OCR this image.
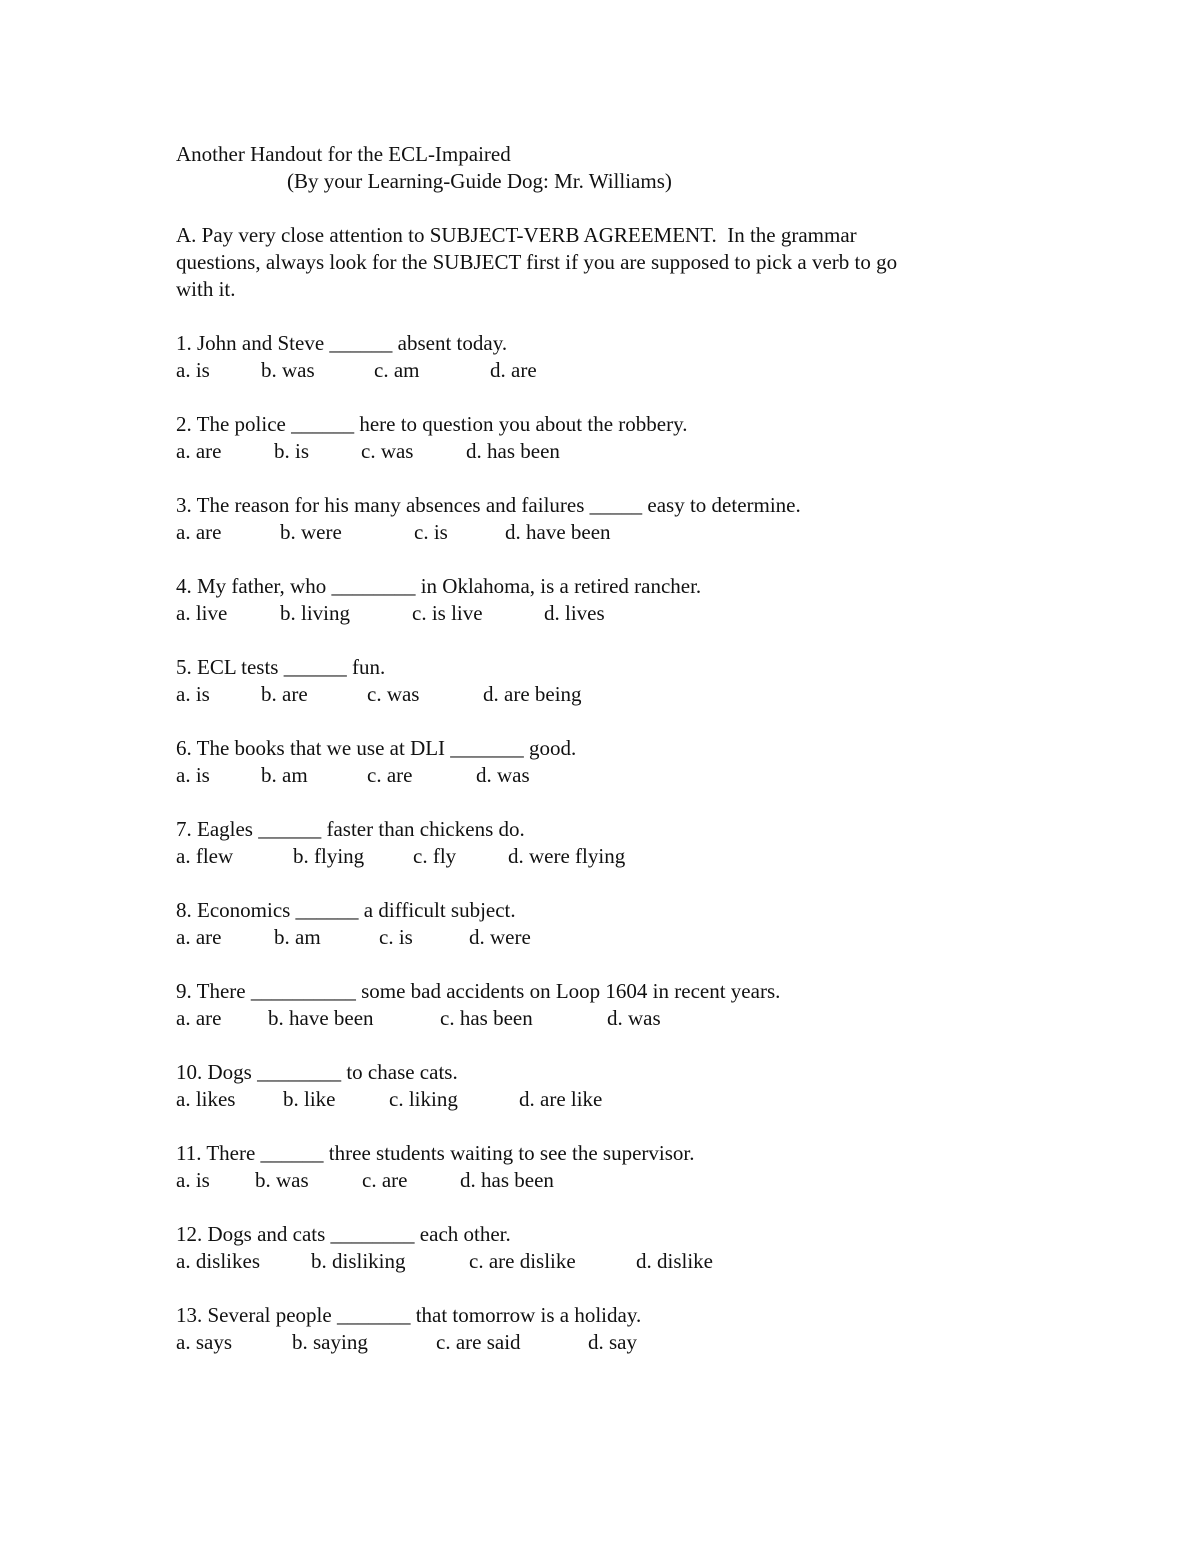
Another Handout for the ECL-Impaired
(By your Learning-Guide Dog: Mr. Williams)
A. Pay very close attention to SUBJECT-VERB AGREEMENT.  In the grammar
questions, always look for the SUBJECT first if you are supposed to pick a verb to go
with it.
1. John and Steve ______ absent today.
a. is b. was	c. am	d. are
2. The police ______ here to question you about the robbery.
a. are	b. is c. was	d. has been
3. The reason for his many absences and failures _____ easy to determine.
a. are	b. were	c. is	d. have been
4. My father, who ________ in Oklahoma, is a retired rancher.
a. live	b. living	c. is live	d. lives
5. ECL tests ______ fun.
a. is b. are	c. was	d. are being
6. The books that we use at DLI _______ good.
a. is b. am	c. are	d. was
7. Eagles ______ faster than chickens do.
a. flew	b. flying c. fly d. were flying
8. Economics ______ a difficult subject.
a. are	b. am	c. is	d. were
9. There __________ some bad accidents on Loop 1604 in recent years.
a. are b. have been	c. has been	d. was
10. Dogs ________ to chase cats.
a. likes b. like	c. liking	d. are like
11. There ______ three students waiting to see the supervisor.
a. is b. was	c. are	d. has been
12. Dogs and cats ________ each other.
a. dislikes b. disliking	c. are dislike	d. dislike
13. Several people _______ that tomorrow is a holiday.
a. says	b. saying	c. are said	d. say
